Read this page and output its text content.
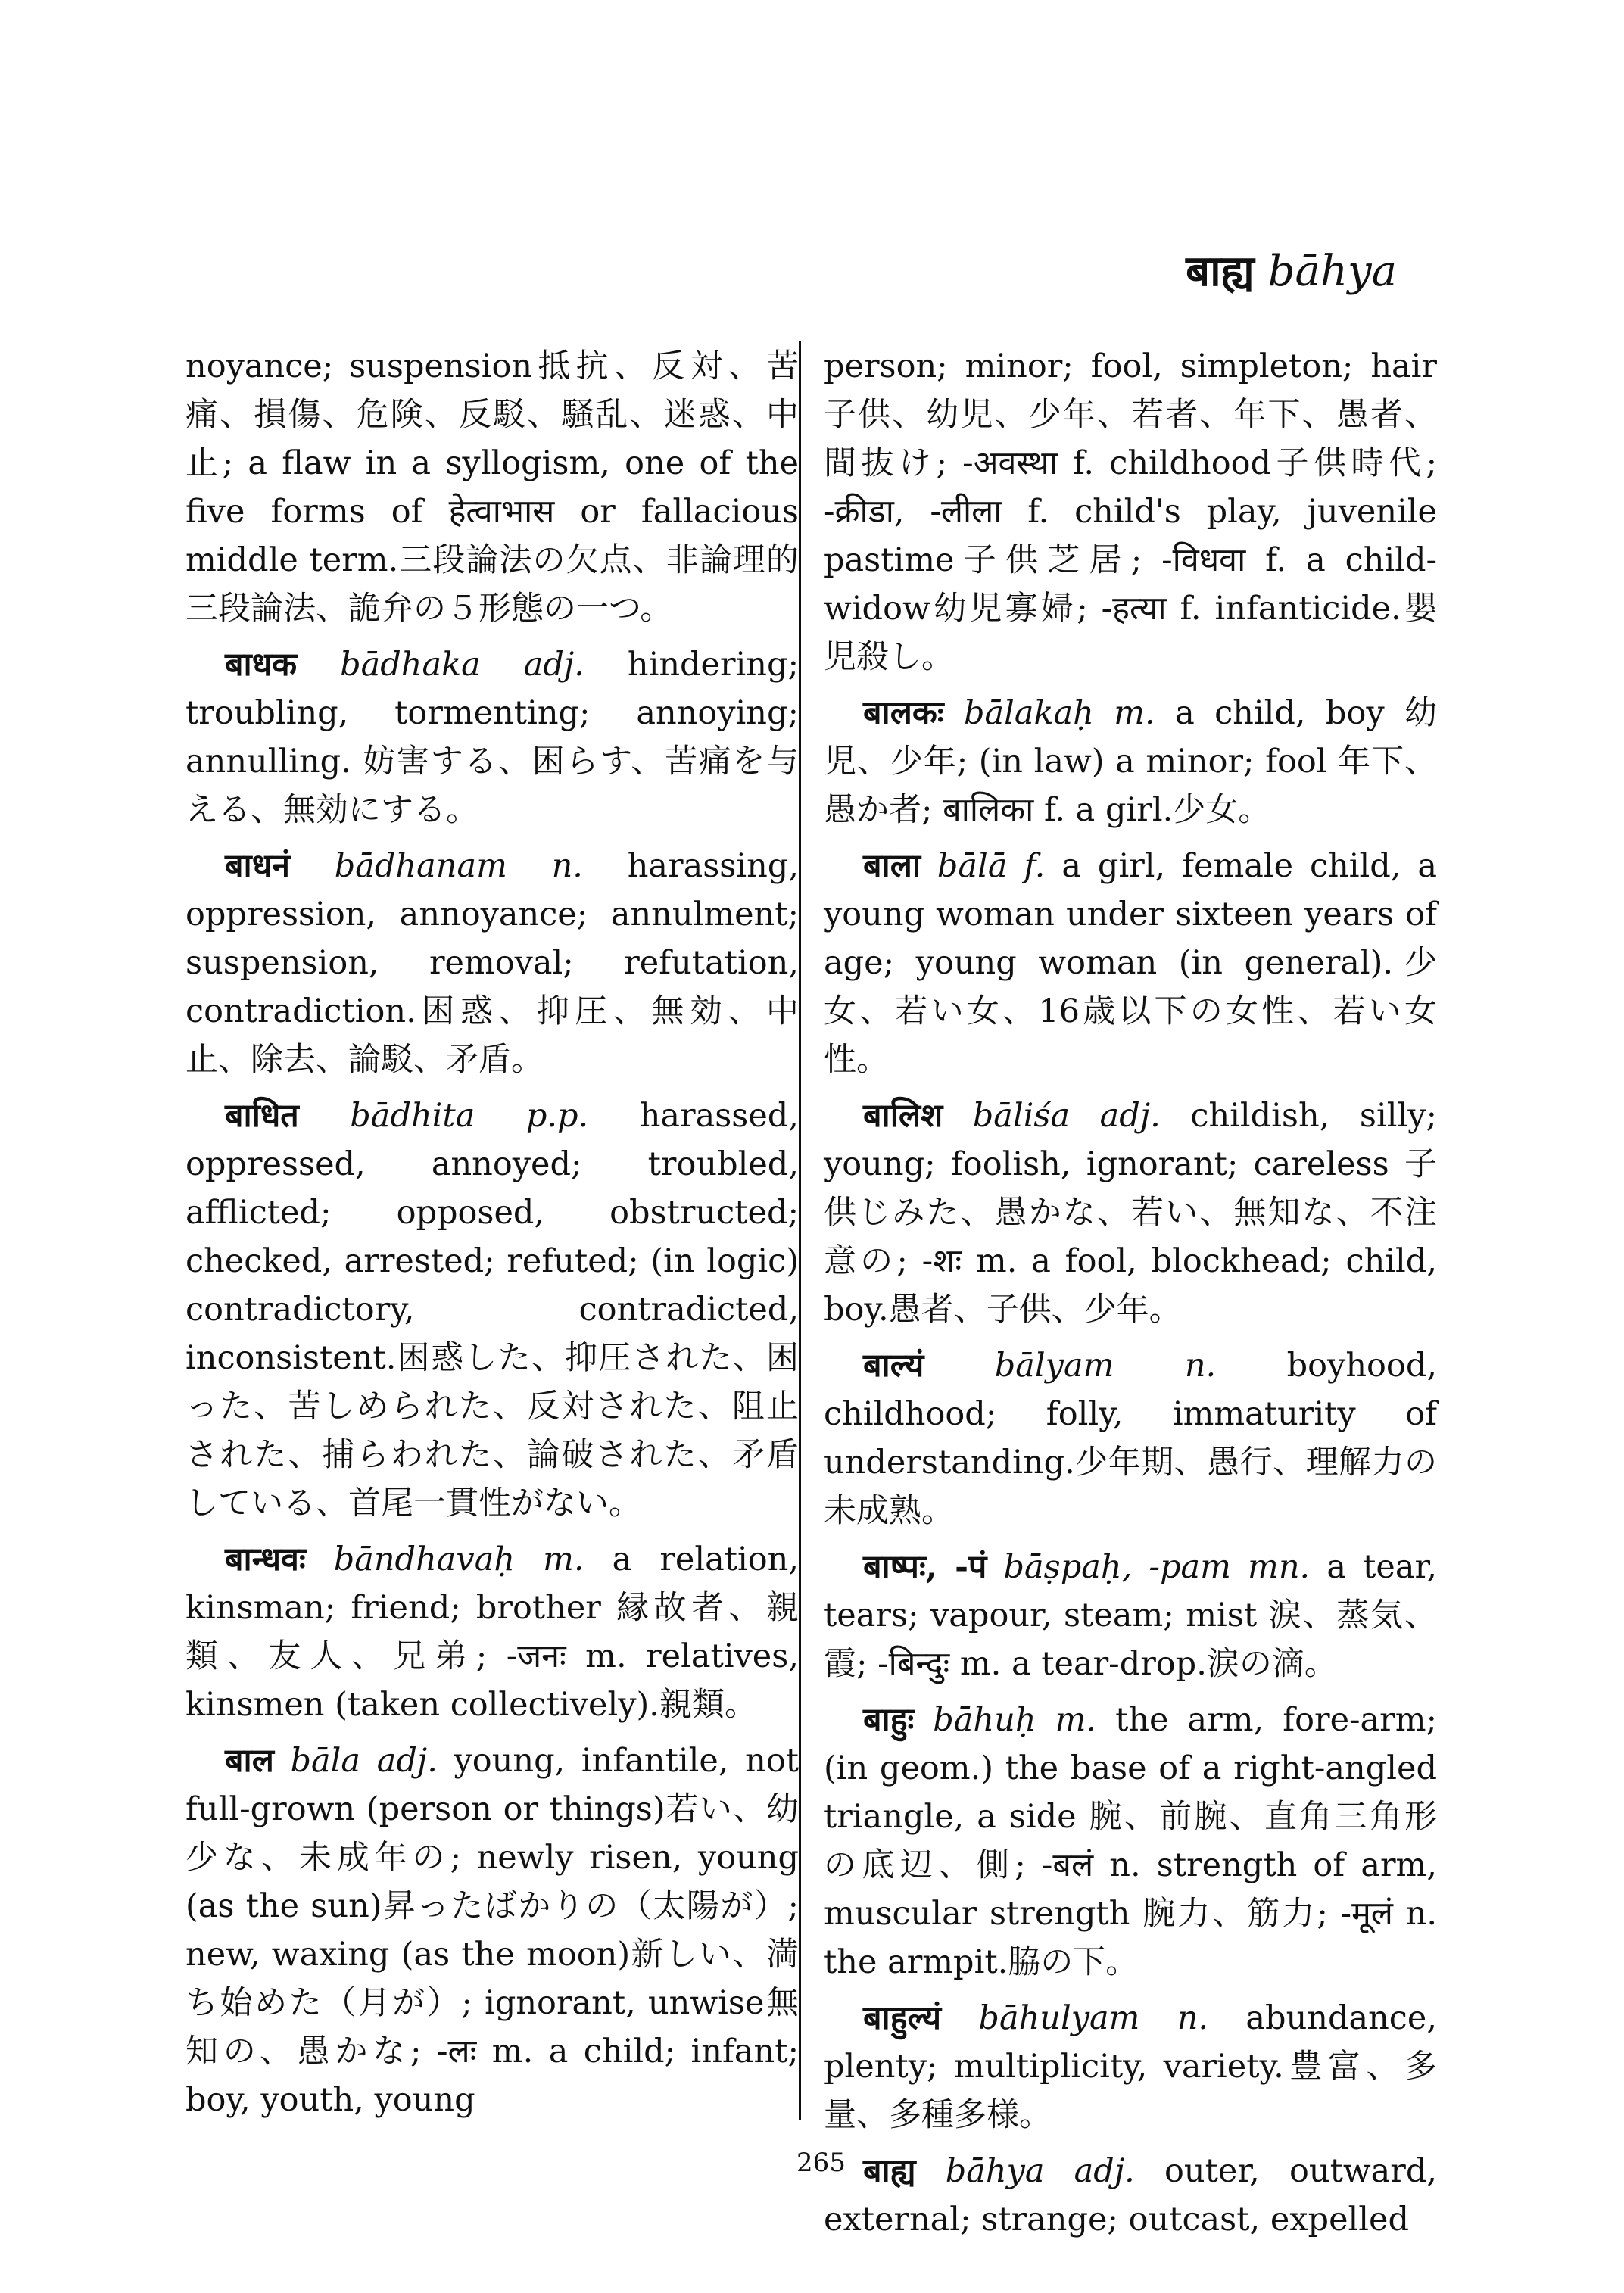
बाह्य bāhya

noyance; suspension抵抗、反対、苦痛、損傷、危険、反駁、騒乱、迷惑、中止; a flaw in a syllogism, one of the five forms of हेत्वाभास or fallacious middle term.三段論法の欠点、非論理的三段論法、詭弁の５形態の一つ。

बाधक bādhaka adj. hindering; troubling, tormenting; annoying; annulling. 妨害する、困らす、苦痛を与える、無効にする。

बाधनं bādhanam n. harassing, oppression, annoyance; annulment; suspension, removal; refutation, contradiction.困惑、抑圧、無効、中止、除去、論駁、矛盾。

बाधित bādhita p.p. harassed, oppressed, annoyed; troubled, afflicted; opposed, obstructed; checked, arrested; refuted; (in logic) contradictory, contradicted, inconsistent.困惑した、抑圧された、困った、苦しめられた、反対された、阻止された、捕らわれた、論破された、矛盾している、首尾一貫性がない。

बान्धवः bāndhavaḥ m. a relation, kinsman; friend; brother 縁故者、親類、友人、兄弟; -जनः m. relatives, kinsmen (taken collectively).親類。

बाल bāla adj. young, infantile, not full-grown (person or things)若い、幼少な、未成年の; newly risen, young (as the sun)昇ったばかりの（太陽が）; new, waxing (as the moon)新しい、満ち始めた（月が）; ignorant, unwise無知の、愚かな; -लः m. a child; infant; boy, youth, young

person; minor; fool, simpleton; hair子供、幼児、少年、若者、年下、愚者、間抜け; -अवस्था f. childhood子供時代; -क्रीडा, -लीला f. child's play, juvenile pastime子供芝居; -विधवा f. a child-widow幼児寡婦; -हत्या f. infanticide.嬰児殺し。

बालकः bālakaḥ m. a child, boy 幼児、少年; (in law) a minor; fool 年下、愚か者; बालिका f. a girl.少女。

बाला bālā f. a girl, female child, a young woman under sixteen years of age; young woman (in general).少女、若い女、16歳以下の女性、若い女性。

बालिश bāliśa adj. childish, silly; young; foolish, ignorant; careless 子供じみた、愚かな、若い、無知な、不注意の; -शः m. a fool, blockhead; child, boy.愚者、子供、少年。

बाल्यं bālyam n. boyhood, childhood; folly, immaturity of understanding.少年期、愚行、理解力の未成熟。

बाष्पः, -पं bāṣpaḥ, -pam mn. a tear, tears; vapour, steam; mist 涙、蒸気、霞; -बिन्दुः m. a tear-drop.涙の滴。

बाहुः bāhuḥ m. the arm, fore-arm; (in geom.) the base of a right-angled triangle, a side 腕、前腕、直角三角形の底辺、側; -बलं n. strength of arm, muscular strength 腕力、筋力; -मूलं n. the armpit.脇の下。

बाहुल्यं bāhulyam n. abundance, plenty; multiplicity, variety.豊富、多量、多種多様。

बाह्य bāhya adj. outer, outward, external; strange; outcast, expelled

265
